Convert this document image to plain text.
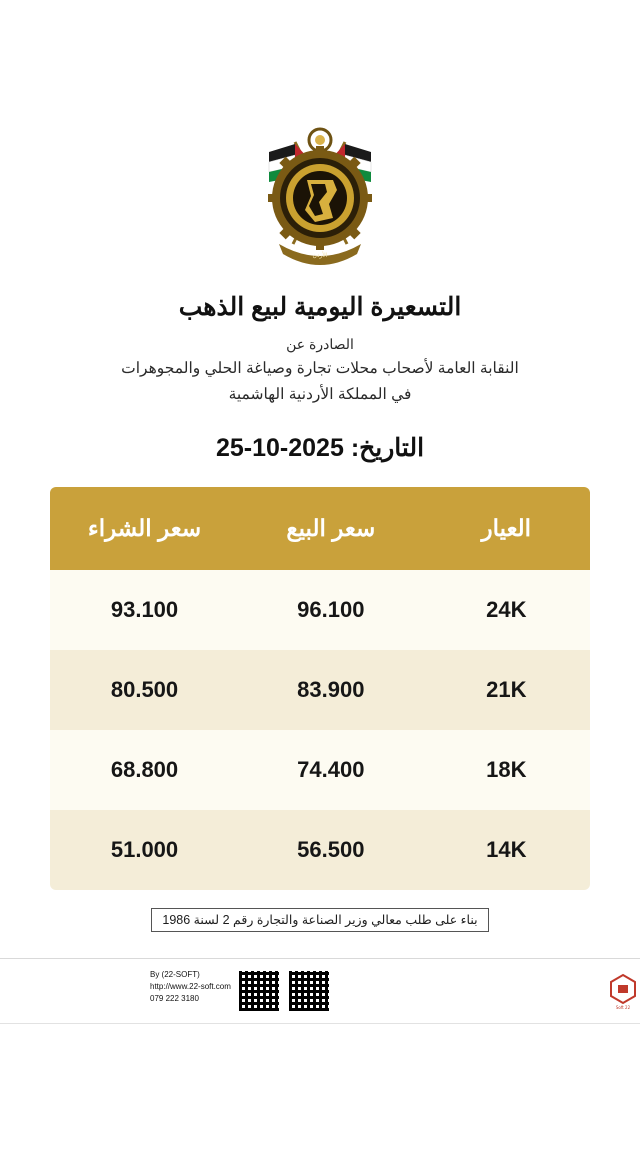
الأردن
التسعيرة اليومية لبيع الذهب
الصادرة عن
النقابة العامة لأصحاب محلات تجارة وصياغة الحلي والمجوهرات
في المملكة الأردنية الهاشمية
التاريخ: 25-10-2025
العيار	سعر البيع	سعر الشراء
24K	96.100	93.100
21K	83.900	80.500
18K	74.400	68.800
14K	56.500	51.000
بناء على طلب معالي وزير الصناعة والتجارة رقم 2 لسنة 1986
22 Soft
By (22-SOFT)
http://www.22-soft.com
079 222 3180
